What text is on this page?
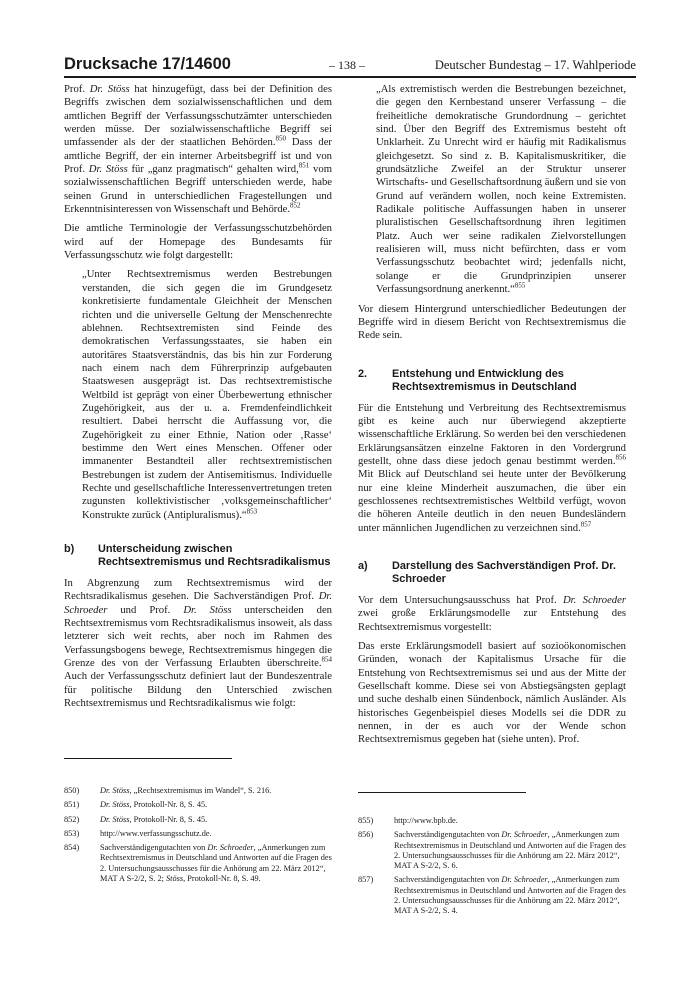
Drucksache 17/14600	– 138 –	Deutscher Bundestag – 17. Wahlperiode

Prof. Dr. Stöss hat hinzugefügt, dass bei der Definition des Begriffs zwischen dem sozialwissenschaftlichen und dem amtlichen Begriff der Verfassungsschutzämter unterschieden werden müsse. Der sozialwissenschaftliche Begriff sei umfassender als der der staatlichen Behörden.$^{850}$ Dass der amtliche Begriff, der ein interner Arbeitsbegriff ist und von Prof. Dr. Stöss für „ganz pragmatisch“ gehalten wird,$^{851}$ vom sozialwissenschaftlichen Begriff unterschieden werde, habe seinen Grund in unterschiedlichen Fragestellungen und Erkenntnisinteressen von Wissenschaft und Behörde.$^{852}$

Die amtliche Terminologie der Verfassungsschutzbehörden wird auf der Homepage des Bundesamts für Verfassungsschutz wie folgt dargestellt:

„Unter Rechtsextremismus werden Bestrebungen verstanden, die sich gegen die im Grundgesetz konkretisierte fundamentale Gleichheit der Menschen richten und die universelle Geltung der Menschenrechte ablehnen. Rechtsextremisten sind Feinde des demokratischen Verfassungsstaates, sie haben ein autoritäres Staatsverständnis, das bis hin zur Forderung nach einem nach dem Führerprinzip aufgebauten Staatswesen ausgeprägt ist. Das rechtsextremistische Weltbild ist geprägt von einer Überbewertung ethnischer Zugehörigkeit, aus der u. a. Fremdenfeindlichkeit resultiert. Dabei herrscht die Auffassung vor, die Zugehörigkeit zu einer Ethnie, Nation oder ‚Rasse‘ bestimme den Wert eines Menschen. Offener oder immanenter Bestandteil aller rechtsextremistischen Bestrebungen ist zudem der Antisemitismus. Individuelle Rechte und gesellschaftliche Interessenvertretungen treten zugunsten kollektivistischer ‚volksgemeinschaftlicher‘ Konstrukte zurück (Antipluralismus).“$^{853}$

b)	Unterscheidung zwischen Rechtsextremismus und Rechtsradikalismus

In Abgrenzung zum Rechtsextremismus wird der Rechtsradikalismus gesehen. Die Sachverständigen Prof. Dr. Schroeder und Prof. Dr. Stöss unterscheiden den Rechtsextremismus vom Rechtsradikalismus insoweit, als dass letzterer sich weit rechts, aber noch im Rahmen des Verfassungsbogens bewege, Rechtsextremismus hingegen die Grenze des von der Verfassung Erlaubten überschreite.$^{854}$ Auch der Verfassungsschutz definiert laut der Bundeszentrale für politische Bildung den Unterschied zwischen Rechtsextremismus und Rechtsradikalismus wie folgt:

850)	Dr. Stöss, „Rechtsextremismus im Wandel“, S. 216.
851)	Dr. Stöss, Protokoll-Nr. 8, S. 45.
852)	Dr. Stöss, Protokoll-Nr. 8, S. 45.
853)	http://www.verfassungsschutz.de.
854)	Sachverständigengutachten von Dr. Schroeder, „Anmerkungen zum Rechtsextremismus in Deutschland und Antworten auf die Fragen des 2. Untersuchungsausschusses für die Anhörung am 22. März 2012“, MAT A S-2/2, S. 2; Stöss, Protokoll-Nr. 8, S. 49.

„Als extremistisch werden die Bestrebungen bezeichnet, die gegen den Kernbestand unserer Verfassung – die freiheitliche demokratische Grundordnung – gerichtet sind. Über den Begriff des Extremismus besteht oft Unklarheit. Zu Unrecht wird er häufig mit Radikalismus gleichgesetzt. So sind z. B. Kapitalismuskritiker, die grundsätzliche Zweifel an der Struktur unserer Wirtschafts- und Gesellschaftsordnung äußern und sie von Grund auf verändern wollen, noch keine Extremisten. Radikale politische Auffassungen haben in unserer pluralistischen Gesellschaftsordnung ihren legitimen Platz. Auch wer seine radikalen Zielvorstellungen realisieren will, muss nicht befürchten, dass er vom Verfassungsschutz beobachtet wird; jedenfalls nicht, solange er die Grundprinzipien unserer Verfassungsordnung anerkennt.“$^{855}$

Vor diesem Hintergrund unterschiedlicher Bedeutungen der Begriffe wird in diesem Bericht von Rechtsextremismus die Rede sein.

2.	Entstehung und Entwicklung des Rechtsextremismus in Deutschland

Für die Entstehung und Verbreitung des Rechtsextremismus gibt es keine auch nur überwiegend akzeptierte wissenschaftliche Erklärung. So werden bei den verschiedenen Erklärungsansätzen einzelne Faktoren in den Vordergrund gestellt, ohne dass diese jedoch genau bestimmt werden.$^{856}$ Mit Blick auf Deutschland sei heute unter der Bevölkerung nur eine kleine Minderheit auszumachen, die über ein geschlossenes rechtsextremistisches Weltbild verfügt, wovon die höheren Anteile deutlich in den neuen Bundesländern unter männlichen Jugendlichen zu verzeichnen sind.$^{857}$

a)	Darstellung des Sachverständigen Prof. Dr. Schroeder

Vor dem Untersuchungsausschuss hat Prof. Dr. Schroeder zwei große Erklärungsmodelle zur Entstehung des Rechtsextremismus vorgestellt:

Das erste Erklärungsmodell basiert auf sozioökonomischen Gründen, wonach der Kapitalismus Ursache für die Entstehung von Rechtsextremismus sei und aus der Mitte der Gesellschaft komme. Diese sei von Abstiegsängsten geplagt und suche deshalb einen Sündenbock, nämlich Ausländer. Als historisches Gegenbeispiel dieses Modells sei die DDR zu nennen, in der es auch vor der Wende schon Rechtsextremismus gegeben hat (siehe unten). Prof.

855)	http://www.bpb.de.
856)	Sachverständigengutachten von Dr. Schroeder, „Anmerkungen zum Rechtsextremismus in Deutschland und Antworten auf die Fragen des 2. Untersuchungsausschusses für die Anhörung am 22. März 2012“, MAT A S-2/2, S. 6.
857)	Sachverständigengutachten von Dr. Schroeder, „Anmerkungen zum Rechtsextremismus in Deutschland und Antworten auf die Fragen des 2. Untersuchungsausschusses für die Anhörung am 22. März 2012“, MAT A S-2/2, S. 4.
